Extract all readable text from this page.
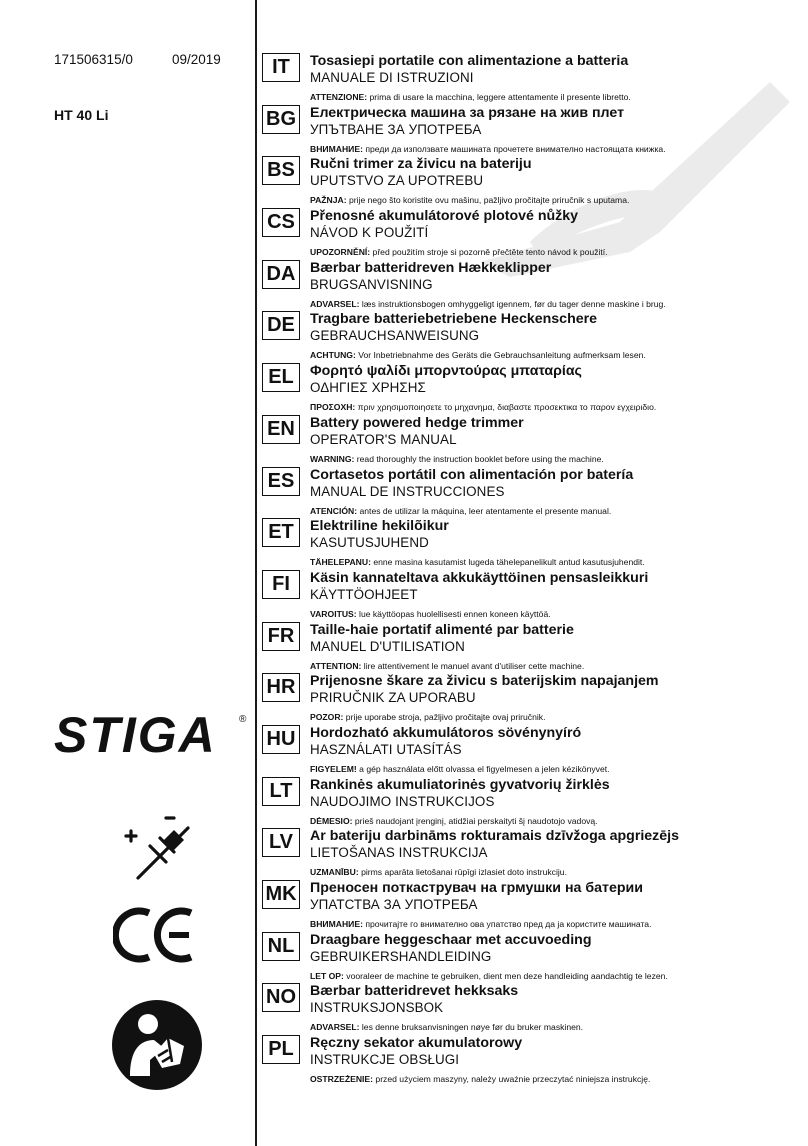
171506315/0	09/2019
HT 40 Li
STIGA ®
IT	Tosasiepi portatile con alimentazione a batteria
MANUALE DI ISTRUZIONI
ATTENZIONE: prima di usare la macchina, leggere attentamente il presente libretto.
BG Електрическа машина за рязане на жив плет
УПЪТВАНЕ ЗА УПОТРЕБА
ВНИМАНИЕ: преди да използвате машината прочетете внимателно настоящата книжка.
BS	Ručni trimer za živicu na bateriju
UPUTSTVO ZA UPOTREBU
PAŽNJA: prije nego što koristite ovu mašinu, pažljivo pročitajte priručnik s uputama.
CS	Přenosné akumulátorové plotové nůžky
NÁVOD K POUŽITÍ
UPOZORNĚNÍ: před použitím stroje si pozorně přečtěte tento návod k použití.
DA	Bærbar batteridreven Hækkeklipper
BRUGSANVISNING
ADVARSEL: læs instruktionsbogen omhyggeligt igennem, før du tager denne maskine i brug.
DE	Tragbare batteriebetriebene Heckenschere
GEBRAUCHSANWEISUNG
ACHTUNG: Vor Inbetriebnahme des Geräts die Gebrauchsanleitung aufmerksam lesen.
EL	Φορητό ψαλίδι μπορντούρας μπαταρίας
ΟΔΗΓΙΕΣ ΧΡΗΣΗΣ
ΠΡΟΣΟΧΗ: πριν χρησιμοποιησετε το μηχανημα, διαβαστε προσεκτικα το παρον εγχειριδιο.
EN	Battery powered hedge trimmer
OPERATOR'S MANUAL
WARNING: read thoroughly the instruction booklet before using the machine.
ES	Cortasetos portátil con alimentación por batería
MANUAL DE INSTRUCCIONES
ATENCIÓN: antes de utilizar la máquina, leer atentamente el presente manual.
ET	Elektriline hekilõikur
KASUTUSJUHEND
TÄHELEPANU: enne masina kasutamist lugeda tähelepanelikult antud kasutusjuhendit.
FI	Käsin kannateltava akkukäyttöinen pensasleikkuri
KÄYTTÖOHJEET
VAROITUS: lue käyttöopas huolellisesti ennen koneen käyttöä.
FR	Taille-haie portatif alimenté par batterie
MANUEL D'UTILISATION
ATTENTION: lire attentivement le manuel avant d'utiliser cette machine.
HR	Prijenosne škare za živicu s baterijskim napajanjem
PRIRUČNIK ZA UPORABU
POZOR: prije uporabe stroja, pažljivo pročitajte ovaj priručnik.
HU	Hordozható akkumulátoros sövénynyíró
HASZNÁLATI UTASÍTÁS
FIGYELEM! a gép használata előtt olvassa el figyelmesen a jelen kézikönyvet.
LT	Rankinės akumuliatorinės gyvatvorių žirklės
NAUDOJIMO INSTRUKCIJOS
DĖMESIO: prieš naudojant įrenginį, atidžiai perskaityti šį naudotojo vadovą.
LV	Ar bateriju darbināms rokturamais dzīvžoga apgriezējs
LIETOŠANAS INSTRUKCIJA
UZMANĪBU: pirms aparāta lietošanai rūpīgi izlasiet doto instrukciju.
MK Преносен поткаструвач на грмушки на батерии
УПАТСТВА ЗА УПОТРЕБА
ВНИМАНИЕ: прочитајте го внимателно ова упатство пред да ја користите машината.
NL	Draagbare heggeschaar met accuvoeding
GEBRUIKERSHANDLEIDING
LET OP: vooraleer de machine te gebruiken, dient men deze handleiding aandachtig te lezen.
NO Bærbar batteridrevet hekksaks
INSTRUKSJONSBOK
ADVARSEL: les denne bruksanvisningen nøye før du bruker maskinen.
PL	Ręczny sekator akumulatorowy
INSTRUKCJE OBSŁUGI
OSTRZEŻENIE: przed użyciem maszyny, należy uważnie przeczytać niniejsza instrukcję.
